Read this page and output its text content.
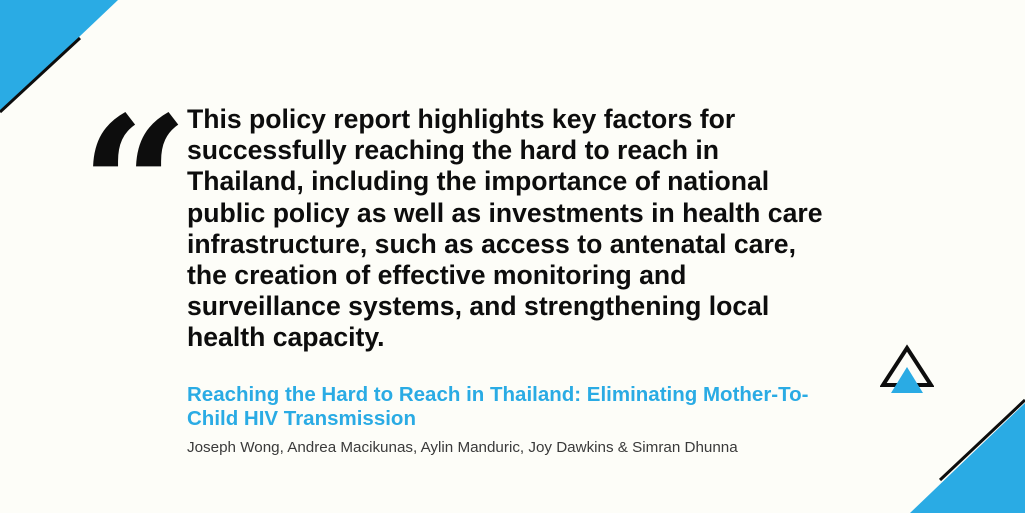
“ This policy report highlights key factors for successfully reaching the hard to reach in Thailand, including the importance of national public policy as well as investments in health care infrastructure, such as access to antenatal care, the creation of effective monitoring and surveillance systems, and strengthening local health capacity.

Reaching the Hard to Reach in Thailand: Eliminating Mother-To-Child HIV Transmission

Joseph Wong, Andrea Macikunas, Aylin Manduric, Joy Dawkins & Simran Dhunna
